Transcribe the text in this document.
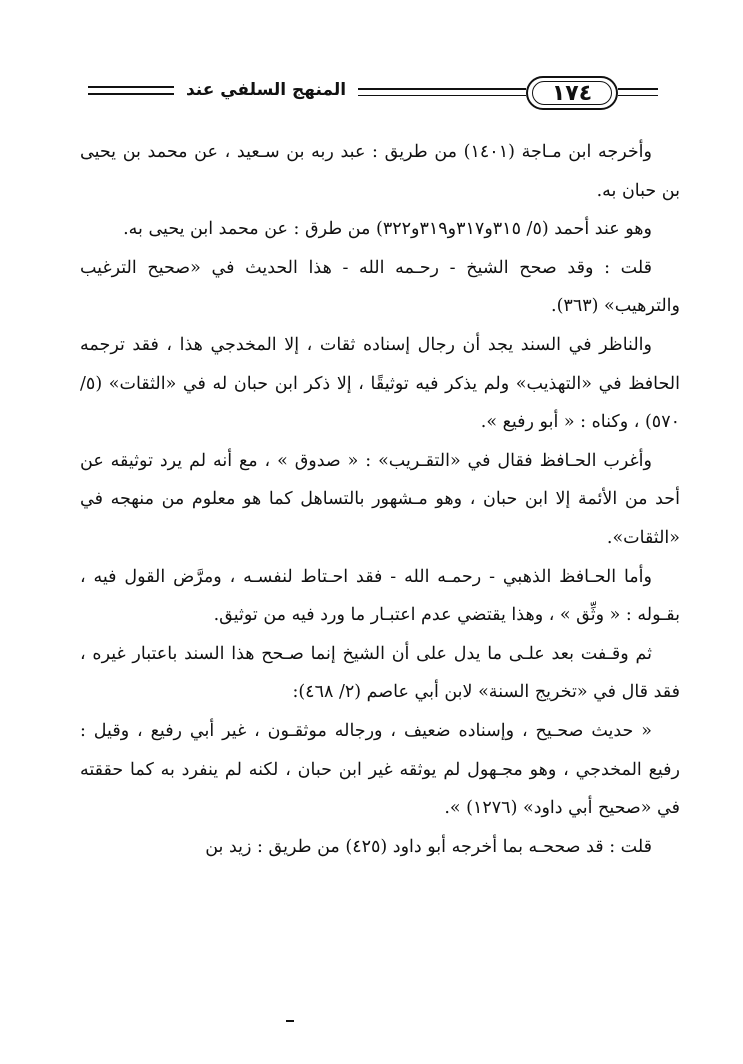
المنهج السلفي عند	١٧٤

وأخرجه ابن مـاجة (١٤٠١) من طريق : عبد ربه بن سـعيد ، عن محمد بن يحيى بن حبان به.

وهو عند أحمد (٥/ ٣١٥و٣١٧و٣١٩و٣٢٢) من طرق : عن محمد ابن يحيى به.

قلت : وقد صحح الشيخ - رحـمه الله - هذا الحديث في «صحيح الترغيب والترهيب» (٣٦٣).

والناظر في السند يجد أن رجال إسناده ثقات ، إلا المخدجي هذا ، فقد ترجمه الحافظ في «التهذيب» ولم يذكر فيه توثيقًا ، إلا ذكر ابن حبان له في «الثقات» (٥/ ٥٧٠) ، وكناه : « أبو رفيع ».

وأغرب الحـافظ فقال في «التقـريب» : « صدوق » ، مع أنه لم يرد توثيقه عن أحد من الأئمة إلا ابن حبان ، وهو مـشهور بالتساهل كما هو معلوم من منهجه في «الثقات».

وأما الحـافظ الذهبي - رحمـه الله - فقد احـتاط لنفسـه ، ومرَّض القول فيه ، بقـوله : « وثِّق » ، وهذا يقتضي عدم اعتبـار ما ورد فيه من توثيق.

ثم وقـفت بعد علـى ما يدل على أن الشيخ إنما صـحح هذا السند باعتبار غيره ، فقد قال في «تخريج السنة» لابن أبي عاصم (٢/ ٤٦٨):

« حديث صحـيح ، وإسناده ضعيف ، ورجاله موثقـون ، غير أبي رفيع ، وقيل : رفيع المخدجي ، وهو مجـهول لم يوثقه غير ابن حبان ، لكنه لم ينفرد به كما حققته في «صحيح أبي داود» (١٢٧٦) ».

قلت : قد صححـه بما أخرجه أبو داود (٤٢٥) من طريق : زيد بن
